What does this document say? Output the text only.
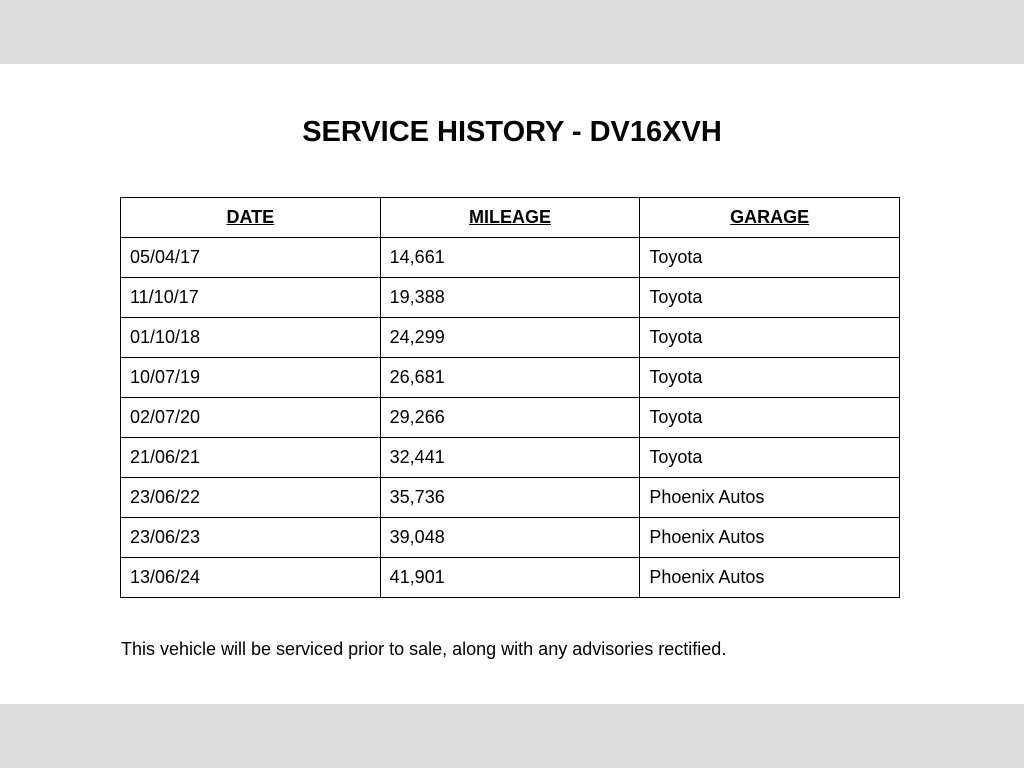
SERVICE HISTORY - DV16XVH
DATE	MILEAGE	GARAGE
05/04/17	14,661	Toyota
11/10/17	19,388	Toyota
01/10/18	24,299	Toyota
10/07/19	26,681	Toyota
02/07/20	29,266	Toyota
21/06/21	32,441	Toyota
23/06/22	35,736	Phoenix Autos
23/06/23	39,048	Phoenix Autos
13/06/24	41,901	Phoenix Autos

This vehicle will be serviced prior to sale, along with any advisories rectified.
